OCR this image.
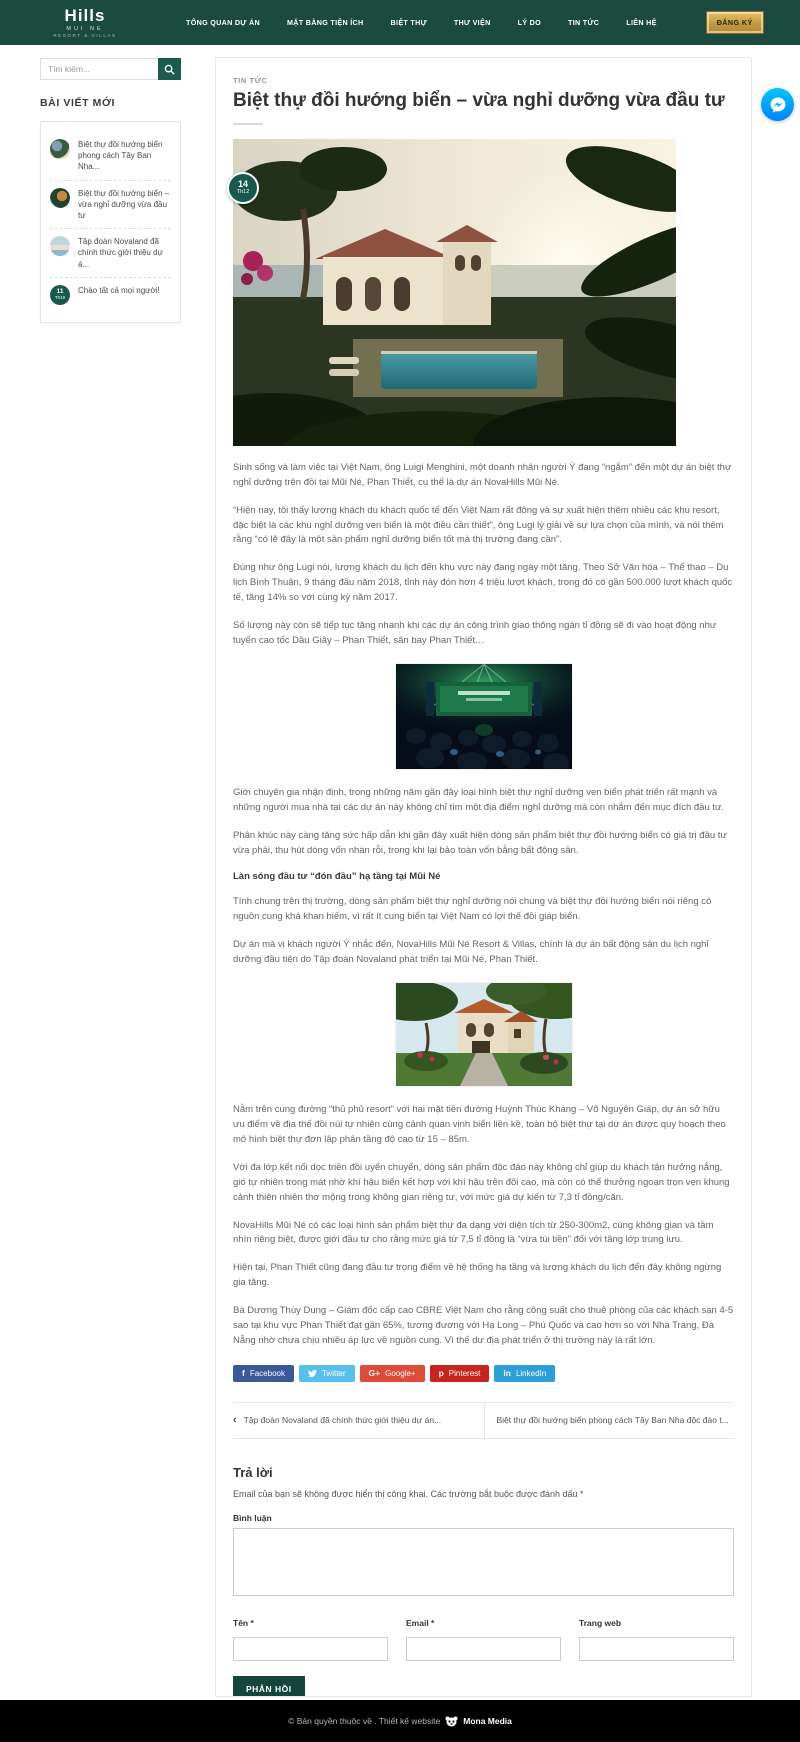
Hills
MUI NE
RESORT & VILLAS
TỔNG QUAN DỰ ÁN	MẶT BẰNG TIỆN ÍCH	BIỆT THỰ	THƯ VIỆN	LÝ DO	TIN TỨC	LIÊN HỆ	ĐĂNG KÝ
Tìm kiếm...
BÀI VIẾT MỚI
Biệt thự đồi hướng biển phong cách Tây Ban Nha...
Biệt thự đồi hướng biển – vừa nghỉ dưỡng vừa đầu tư
Tập đoàn Novaland đã chính thức giới thiệu dự á...
11
Th10
Chào tất cả mọi người!
TIN TỨC
Biệt thự đồi hướng biển – vừa nghỉ dưỡng vừa đầu tư
14
Th12

Sinh sống và làm việc tại Việt Nam, ông Luigi Menghini, một doanh nhân người Ý đang “ngắm” đến một dự án biệt thự nghỉ dưỡng trên đồi tại Mũi Né, Phan Thiết, cụ thể là dự án NovaHills Mũi Né.

“Hiện nay, tôi thấy lượng khách du khách quốc tế đến Việt Nam rất đông và sự xuất hiện thêm nhiều các khu resort, đặc biệt là các khu nghỉ dưỡng ven biển là một điều cần thiết”, ông Lugi lý giải về sự lựa chọn của mình, và nói thêm rằng “có lẽ đây là một sản phẩm nghỉ dưỡng biển tốt mà thị trường đang cần”.

Đúng như ông Lugi nói, lượng khách du lịch đến khu vực này đang ngày một tăng. Theo Sở Văn hóa – Thể thao – Du lịch Bình Thuận, 9 tháng đầu năm 2018, tỉnh này đón hơn 4 triệu lượt khách, trong đó có gần 500.000 lượt khách quốc tế, tăng 14% so với cùng kỳ năm 2017.

Số lượng này còn sẽ tiếp tục tăng nhanh khi các dự án công trình giao thông ngàn tỉ đồng sẽ đi vào hoạt động như tuyến cao tốc Dầu Giây – Phan Thiết, sân bay Phan Thiết…

Giới chuyên gia nhận định, trong những năm gần đây loại hình biệt thự nghỉ dưỡng ven biển phát triển rất mạnh và những người mua nhà tại các dự án này không chỉ tìm một địa điểm nghỉ dưỡng mà còn nhắm đến mục đích đầu tư.

Phân khúc này càng tăng sức hấp dẫn khi gần đây xuất hiện dòng sản phẩm biệt thự đồi hướng biển có giá trị đầu tư vừa phải, thu hút dòng vốn nhàn rỗi, trong khi lại bảo toàn vốn bằng bất động sản.

Làn sóng đầu tư “đón đầu” hạ tầng tại Mũi Né

Tính chung trên thị trường, dòng sản phẩm biệt thự nghỉ dưỡng nói chung và biệt thự đồi hướng biển nói riêng có nguồn cung khá khan hiếm, vì rất ít cung biển tại Việt Nam có lợi thế đồi giáp biển.

Dự án mà vị khách người Ý nhắc đến, NovaHills Mũi Né Resort & Villas, chính là dự án bất động sản du lịch nghỉ dưỡng đầu tiên do Tập đoàn Novaland phát triển tại Mũi Né, Phan Thiết.

Nằm trên cung đường “thủ phủ resort” với hai mặt tiền đường Huỳnh Thúc Kháng – Võ Nguyên Giáp, dự án sở hữu ưu điểm về địa thế đồi núi tự nhiên cùng cảnh quan vịnh biển liền kề, toàn bộ biệt thự tại dự án được quy hoạch theo mô hình biệt thự đơn lập phân tầng độ cao từ 15 – 85m.

Với đa lớp kết nối dọc triền đồi uyển chuyển, dòng sản phẩm độc đáo này không chỉ giúp du khách tận hưởng nắng, gió tự nhiên trong mát nhờ khí hậu biển kết hợp với khí hậu trên đồi cao, mà còn có thể thưởng ngoạn trọn vẹn khung cảnh thiên nhiên thơ mộng trong không gian riêng tư, với mức giá dự kiến từ 7,3 tỉ đồng/căn.

NovaHills Mũi Né có các loại hình sản phẩm biệt thự đa dạng với diện tích từ 250-300m2, cùng không gian và tầm nhìn riêng biệt, được giới đầu tư cho rằng mức giá từ 7,5 tỉ đồng là “vừa túi tiền” đối với tầng lớp trung lưu.

Hiện tại, Phan Thiết cũng đang đầu tư trọng điểm về hệ thống hạ tầng và lượng khách du lịch đến đây không ngừng gia tăng.

Bà Dương Thùy Dung – Giám đốc cấp cao CBRE Việt Nam cho rằng công suất cho thuê phòng của các khách sạn 4-5 sao tại khu vực Phan Thiết đạt gần 65%, tương đương với Hạ Long – Phú Quốc và cao hơn so với Nha Trang, Đà Nẵng nhờ chưa chịu nhiều áp lực về nguồn cung. Vì thế dư địa phát triển ở thị trường này là rất lớn.

f Facebook	Twitter	G+ Google+	p Pinterest	in LinkedIn
‹ Tập đoàn Novaland đã chính thức giới thiệu dự án...	Biệt thự đồi hướng biển phong cách Tây Ban Nha độc đáo t...
Trả lời
Email của bạn sẽ không được hiển thị công khai. Các trường bắt buộc được đánh dấu *
Bình luận
Tên *	Email *	Trang web
PHẢN HỒI
© Bản quyền thuộc về . Thiết kế website	Mona Media
